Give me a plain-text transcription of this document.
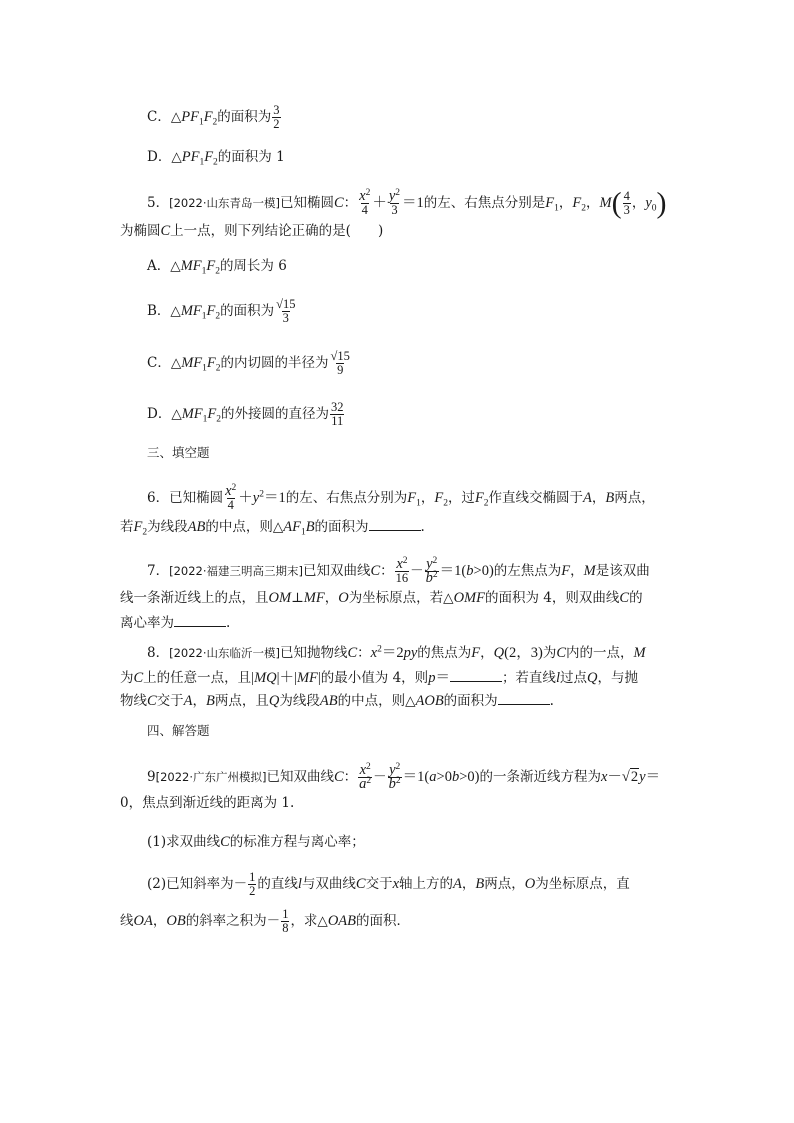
C．$\triangle PF_1F_2$的面积为 $\frac{3}{2}$
D．$\triangle PF_1F_2$的面积为 1
5．[2022·山东青岛一模]已知椭圆C： $\frac{x^2}{4} + \frac{y^2}{3} =1$的左、右焦点分别是$F_1$，$F_2$，$M( \frac{4}{3}$ ，$y_0$)
为椭圆C上一点，则下列结论正确的是(　　)
A．$\triangle MF_1F_2$的周长为 6
B．$\triangle MF_1F_2$的面积为 $\frac{√15}{3}$
C．$\triangle MF_1F_2$的内切圆的半径为 $\frac{√15}{9}$
D．$\triangle MF_1F_2$的外接圆的直径为 $\frac{32}{11}$
三、填空题
6．已知椭圆 $\frac{x^2}{4} +y^2=1$的左、右焦点分别为$F_1$，$F_2$，过$F_2$作直线交椭圆于A，B两点，
若$F_2$为线段AB的中点，则$\triangle AF_1B$的面积为	.
7．[2022·福建三明高三期末]已知双曲线C： $\frac{x^2}{16} - \frac{y^2}{b^2} =1(b>0)$的左焦点为F，M是该双曲
线一条渐近线上的点，且OM⊥MF，O为坐标原点，若△OMF的面积为 4，则双曲线C的
离心率为	.
8．[2022·山东临沂一模]已知抛物线C：$x^2=2py$的焦点为F，Q(2，3)为C内的一点，M
为C上的任意一点，且|MQ|＋|MF|的最小值为 4，则p＝	；若直线l过点Q，与抛
物线C交于A，B两点，且Q为线段AB的中点，则△AOB的面积为	.
四、解答题
9[2022·广东广州模拟]已知双曲线C： $\frac{x^2}{a^2} - \frac{y^2}{b^2} =1(a>0b>0)$的一条渐近线方程为x－√2y＝
0，焦点到渐近线的距离为 1.
(1)求双曲线C的标准方程与离心率；
(2)已知斜率为－ $\frac{1}{2}$ 的直线l与双曲线C交于x轴上方的A，B两点，O为坐标原点，直
线OA，OB的斜率之积为－ $\frac{1}{8}$ ，求△OAB的面积．
